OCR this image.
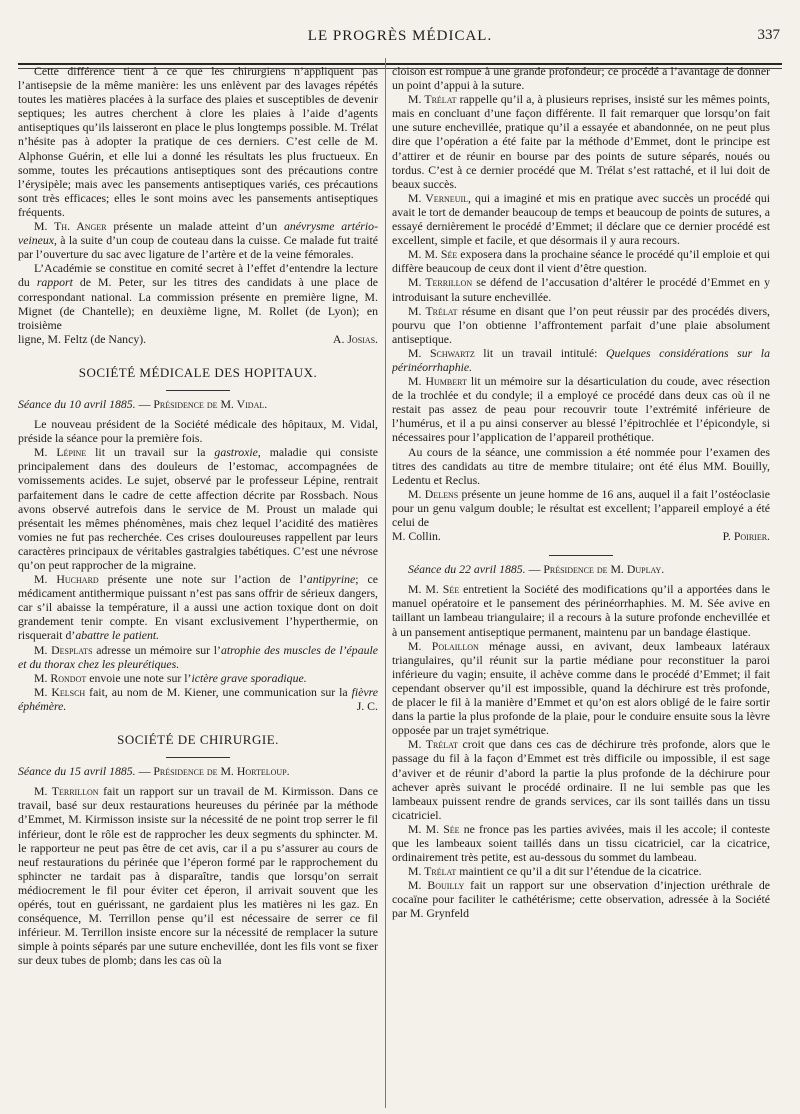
LE PROGRÈS MÉDICAL.	337

Cette différence tient à ce que les chirurgiens n’appliquent pas l’antisepsie de la même manière: les uns enlèvent par des lavages répétés toutes les matières placées à la surface des plaies et susceptibles de devenir septiques; les autres cherchent à clore les plaies à l’aide d’agents antiseptiques qu’ils laisseront en place le plus longtemps possible. M. Trélat n’hésite pas à adopter la pratique de ces derniers. C’est celle de M. Alphonse Guérin, et elle lui a donné les résultats les plus fructueux. En somme, toutes les précautions antiseptiques sont des précautions contre l’érysipèle; mais avec les pansements antiseptiques variés, ces précautions sont très efficaces; elles le sont moins avec les pansements antiseptiques fréquents.

M. Th. Anger présente un malade atteint d’un anévrysme artério-veineux, à la suite d’un coup de couteau dans la cuisse. Ce malade fut traité par l’ouverture du sac avec ligature de l’artère et de la veine fémorales.

L’Académie se constitue en comité secret à l’effet d’entendre la lecture du rapport de M. Peter, sur les titres des candidats à une place de correspondant national. La commission présente en première ligne, M. Mignet (de Chantelle); en deuxième ligne, M. Rollet (de Lyon); en troisième

ligne, M. Feltz (de Nancy).	A. Josias.

SOCIÉTÉ MÉDICALE DES HOPITAUX.

Séance du 10 avril 1885. — Présidence de M. Vidal.

Le nouveau président de la Société médicale des hôpitaux, M. Vidal, préside la séance pour la première fois.

M. Lépine lit un travail sur la gastroxie, maladie qui consiste principalement dans des douleurs de l’estomac, accompagnées de vomissements acides. Le sujet, observé par le professeur Lépine, rentrait parfaitement dans le cadre de cette affection décrite par Rossbach. Nous avons observé autrefois dans le service de M. Proust un malade qui présentait les mêmes phénomènes, mais chez lequel l’acidité des matières vomies ne fut pas recherchée. Ces crises douloureuses rappellent par leurs caractères principaux de véritables gastralgies tabétiques. C’est une névrose qu’on peut rapprocher de la migraine.

M. Huchard présente une note sur l’action de l’antipyrine; ce médicament antithermique puissant n’est pas sans offrir de sérieux dangers, car s’il abaisse la température, il a aussi une action toxique dont on doit grandement tenir compte. En visant exclusivement l’hyperthermie, on risquerait d’abattre le patient.

M. Desplats adresse un mémoire sur l’atrophie des muscles de l’épaule et du thorax chez les pleurétiques.

M. Rondot envoie une note sur l’ictère grave sporadique.

M. Kelsch fait, au nom de M. Kiener, une communication sur la fièvre éphémère.	J. C.

SOCIÉTÉ DE CHIRURGIE.

Séance du 15 avril 1885. — Présidence de M. Horteloup.

M. Terrillon fait un rapport sur un travail de M. Kirmisson. Dans ce travail, basé sur deux restaurations heureuses du périnée par la méthode d’Emmet, M. Kirmisson insiste sur la nécessité de ne point trop serrer le fil inférieur, dont le rôle est de rapprocher les deux segments du sphincter. M. le rapporteur ne peut pas être de cet avis, car il a pu s’assurer au cours de neuf restaurations du périnée que l’éperon formé par le rapprochement du sphincter ne tardait pas à disparaître, tandis que lorsqu’on serrait médiocrement le fil pour éviter cet éperon, il arrivait souvent que les opérés, tout en guérissant, ne gardaient plus les matières ni les gaz. En conséquence, M. Terrillon pense qu’il est nécessaire de serrer ce fil inférieur. M. Terrillon insiste encore sur la nécessité de remplacer la suture simple à points séparés par une suture enchevillée, dont les fils vont se fixer sur deux tubes de plomb; dans les cas où la

cloison est rompue à une grande profondeur; ce procédé a l’avantage de donner un point d’appui à la suture.

M. Trélat rappelle qu’il a, à plusieurs reprises, insisté sur les mêmes points, mais en concluant d’une façon différente. Il fait remarquer que lorsqu’on fait une suture enchevillée, pratique qu’il a essayée et abandonnée, on ne peut plus dire que l’opération a été faite par la méthode d’Emmet, dont le principe est d’attirer et de réunir en bourse par des points de suture séparés, noués ou tordus. C’est à ce dernier procédé que M. Trélat s’est rattaché, et il lui doit de beaux succès.

M. Verneuil, qui a imaginé et mis en pratique avec succès un procédé qui avait le tort de demander beaucoup de temps et beaucoup de points de sutures, a essayé dernièrement le procédé d’Emmet; il déclare que ce dernier procédé est excellent, simple et facile, et que désormais il y aura recours.

M. M. Sée exposera dans la prochaine séance le procédé qu’il emploie et qui diffère beaucoup de ceux dont il vient d’être question.

M. Terrillon se défend de l’accusation d’altérer le procédé d’Emmet en y introduisant la suture enchevillée.

M. Trélat résume en disant que l’on peut réussir par des procédés divers, pourvu que l’on obtienne l’affrontement parfait d’une plaie absolument antiseptique.

M. Schwartz lit un travail intitulé: Quelques considérations sur la périnéorrhaphie.

M. Humbert lit un mémoire sur la désarticulation du coude, avec résection de la trochlée et du condyle; il a employé ce procédé dans deux cas où il ne restait pas assez de peau pour recouvrir toute l’extrémité inférieure de l’humérus, et il a pu ainsi conserver au blessé l’épitrochlée et l’épicondyle, si nécessaires pour l’application de l’appareil prothétique.

Au cours de la séance, une commission a été nommée pour l’examen des titres des candidats au titre de membre titulaire; ont été élus MM. Bouilly, Ledentu et Reclus.

M. Delens présente un jeune homme de 16 ans, auquel il a fait l’ostéoclasie pour un genu valgum double; le résultat est excellent; l’appareil employé a été celui de

M. Collin.	P. Poirier.

Séance du 22 avril 1885. — Présidence de M. Duplay.

M. M. Sée entretient la Société des modifications qu’il a apportées dans le manuel opératoire et le pansement des périnéorrhaphies. M. M. Sée avive en taillant un lambeau triangulaire; il a recours à la suture profonde enchevillée et à un pansement antiseptique permanent, maintenu par un bandage élastique.

M. Polaillon ménage aussi, en avivant, deux lambeaux latéraux triangulaires, qu’il réunit sur la partie médiane pour reconstituer la paroi inférieure du vagin; ensuite, il achève comme dans le procédé d’Emmet; il fait cependant observer qu’il est impossible, quand la déchirure est très profonde, de placer le fil à la manière d’Emmet et qu’on est alors obligé de le faire sortir dans la partie la plus profonde de la plaie, pour le conduire ensuite sous la lèvre opposée par un trajet symétrique.

M. Trélat croit que dans ces cas de déchirure très profonde, alors que le passage du fil à la façon d’Emmet est très difficile ou impossible, il est sage d’aviver et de réunir d’abord la partie la plus profonde de la déchirure pour achever après suivant le procédé ordinaire. Il ne lui semble pas que les lambeaux puissent rendre de grands services, car ils sont taillés dans un tissu cicatriciel.

M. M. Sée ne fronce pas les parties avivées, mais il les accole; il conteste que les lambeaux soient taillés dans un tissu cicatriciel, car la cicatrice, ordinairement très petite, est au-dessous du sommet du lambeau.

M. Trélat maintient ce qu’il a dit sur l’étendue de la cicatrice.

M. Bouilly fait un rapport sur une observation d’injection uréthrale de cocaïne pour faciliter le cathétérisme; cette observation, adressée à la Société par M. Grynfeld
